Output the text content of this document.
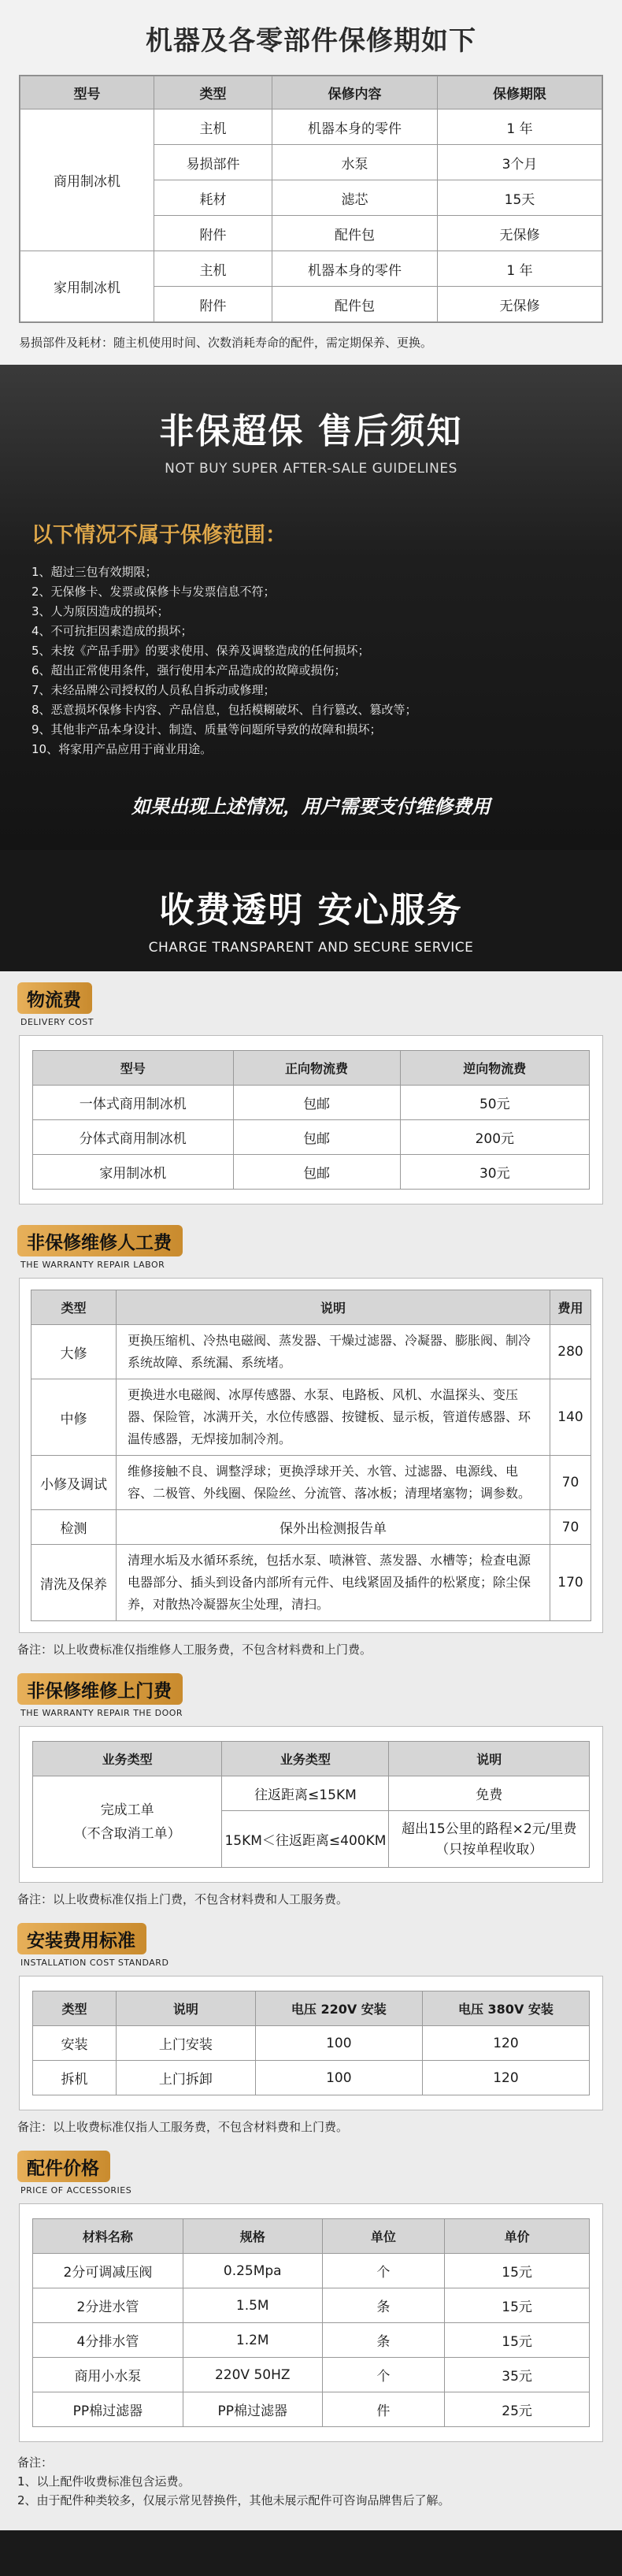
机器及各零部件保修期如下
型号	类型	保修内容	保修期限
商用制冰机	主机	机器本身的零件	1 年
	易损部件	水泵	3个月
	耗材	滤芯	15天
	附件	配件包	无保修
家用制冰机	主机	机器本身的零件	1 年
	附件	配件包	无保修

易损部件及耗材：随主机使用时间、次数消耗寿命的配件，需定期保养、更换。

非保超保 售后须知

NOT BUY SUPER AFTER-SALE GUIDELINES

以下情况不属于保修范围：
1、超过三包有效期限；
2、无保修卡、发票或保修卡与发票信息不符；
3、人为原因造成的损坏；
4、不可抗拒因素造成的损坏；
5、未按《产品手册》的要求使用、保养及调整造成的任何损坏；
6、超出正常使用条件，强行使用本产品造成的故障或损伤；
7、未经品牌公司授权的人员私自拆动或修理；
8、恶意损坏保修卡内容、产品信息，包括模糊破坏、自行篡改、篡改等；
9、其他非产品本身设计、制造、质量等问题所导致的故障和损坏；
10、将家用产品应用于商业用途。

如果出现上述情况，用户需要支付维修费用

收费透明 安心服务

CHARGE TRANSPARENT AND SECURE SERVICE

物流费

DELIVERY COST

型号	正向物流费	逆向物流费
一体式商用制冰机	包邮	50元
分体式商用制冰机	包邮	200元
家用制冰机	包邮	30元
非保修维修人工费

THE WARRANTY REPAIR LABOR

类型	说明	费用
大修	更换压缩机、冷热电磁阀、蒸发器、干燥过滤器、冷凝器、膨胀阀、制冷系统故障、系统漏、系统堵。	280
中修	更换进水电磁阀、冰厚传感器、水泵、电路板、风机、水温探头、变压器、保险管，冰满开关，水位传感器、按键板、显示板，管道传感器、环温传感器，无焊接加制冷剂。	140
小修及调试	维修接触不良、调整浮球；更换浮球开关、水管、过滤器、电源线、电容、二极管、外线圈、保险丝、分流管、落冰板；清理堵塞物；调参数。	70
检测	保外出检测报告单	70
清洗及保养	清理水垢及水循环系统，包括水泵、喷淋管、蒸发器、水槽等；检查电源电器部分、插头到设备内部所有元件、电线紧固及插件的松紧度；除尘保养，对散热冷凝器灰尘处理，清扫。	170

备注：以上收费标准仅指维修人工服务费，不包含材料费和上门费。

非保修维修上门费

THE WARRANTY REPAIR THE DOOR

业务类型	业务类型	说明
完成工单
（不含取消工单）	往返距离≤15KM	免费
	15KM＜往返距离≤400KM	超出15公里的路程×2元/里费（只按单程收取）

备注：以上收费标准仅指上门费，不包含材料费和人工服务费。

安装费用标准

INSTALLATION COST STANDARD

类型	说明	电压 220V 安装	电压 380V 安装
安装	上门安装	100	120
拆机	上门拆卸	100	120

备注：以上收费标准仅指人工服务费，不包含材料费和上门费。

配件价格

PRICE OF ACCESSORIES

材料名称	规格	单位	单价
2分可调减压阀	0.25Mpa	个	15元
2分进水管	1.5M	条	15元
4分排水管	1.2M	条	15元
商用小水泵	220V 50HZ	个	35元
PP棉过滤器	PP棉过滤器	件	25元

备注：

1、以上配件收费标准包含运费。

2、由于配件种类较多，仅展示常见替换件，其他未展示配件可咨询品牌售后了解。
